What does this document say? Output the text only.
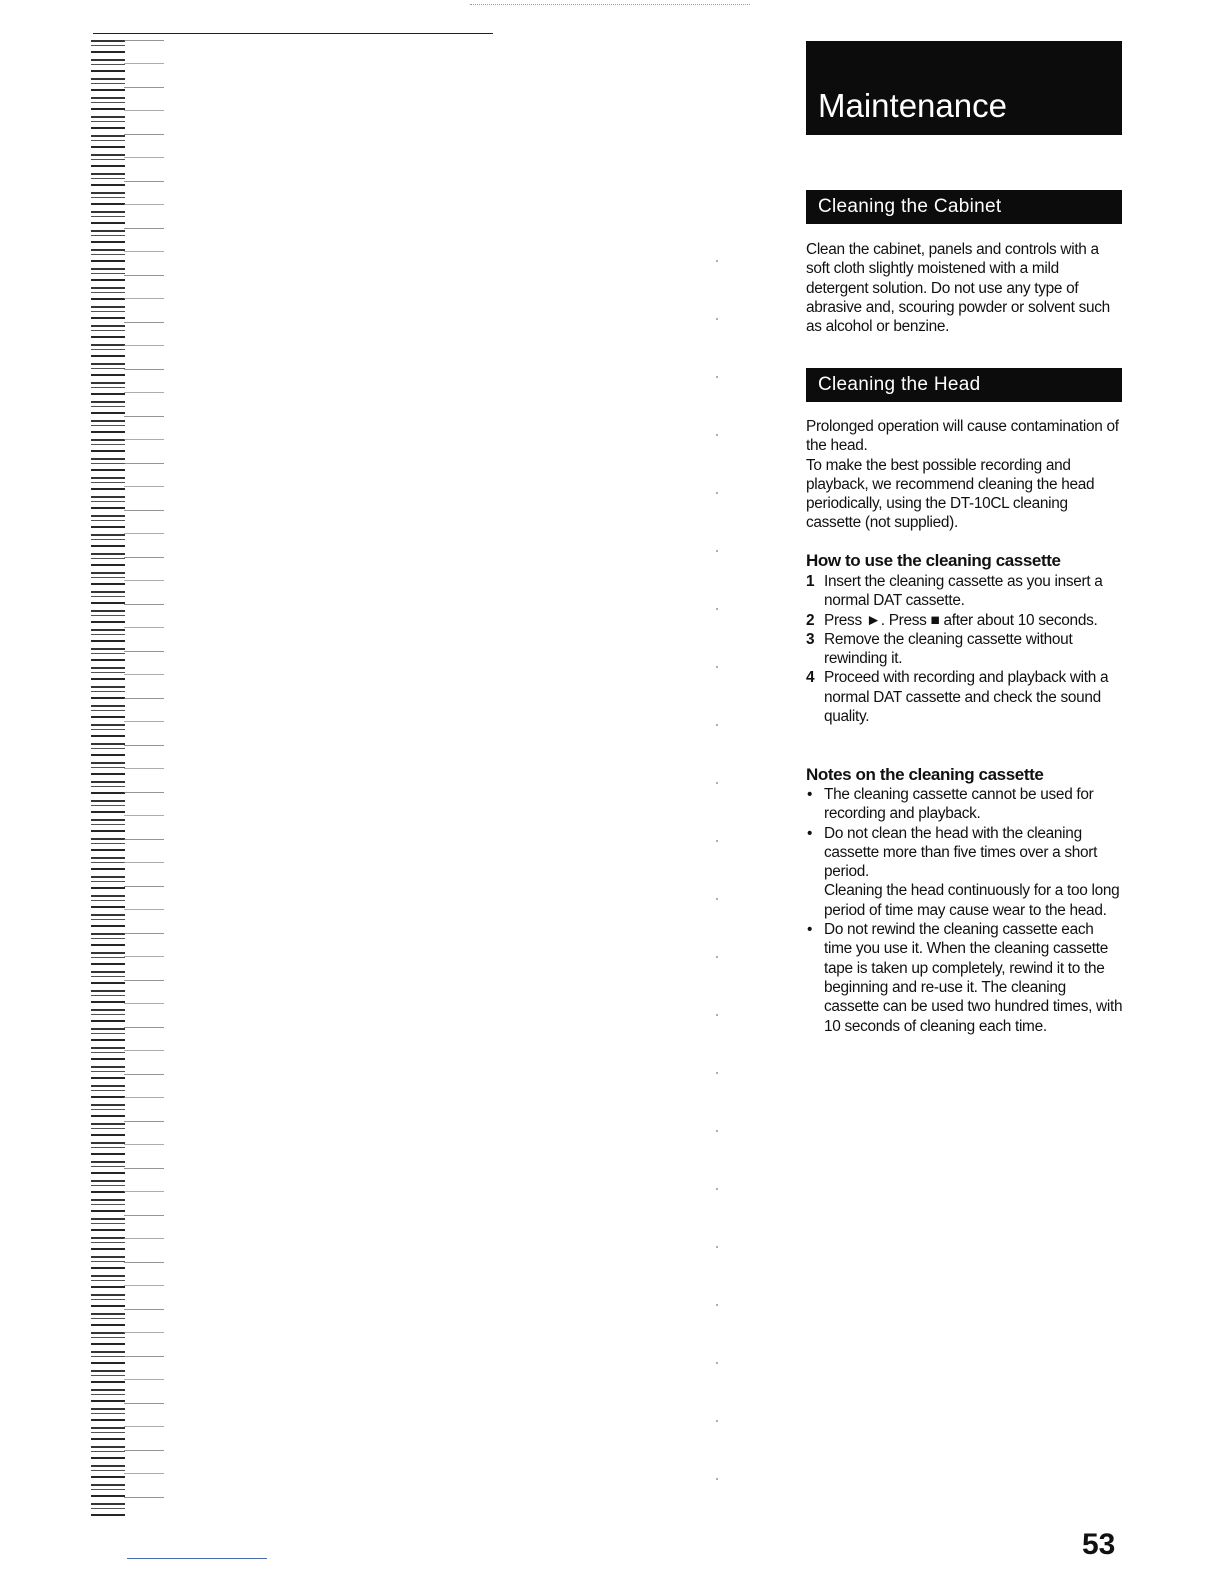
Maintenance
Cleaning the Cabinet

Clean the cabinet, panels and controls with a soft cloth slightly moistened with a mild detergent solution. Do not use any type of abrasive and, scouring powder or solvent such as alcohol or benzine.

Cleaning the Head

Prolonged operation will cause contamination of the head.

To make the best possible recording and playback, we recommend cleaning the head periodically, using the DT-10CL cleaning cassette (not supplied).

How to use the cleaning cassette
1 Insert the cleaning cassette as you insert a normal DAT cassette.
2 Press ►. Press ■ after about 10 seconds.
3 Remove the cleaning cassette without rewinding it.
4 Proceed with recording and playback with a normal DAT cassette and check the sound quality.
Notes on the cleaning cassette
• The cleaning cassette cannot be used for recording and playback.
• Do not clean the head with the cleaning cassette more than five times over a short period.
Cleaning the head continuously for a too long period of time may cause wear to the head.
• Do not rewind the cleaning cassette each time you use it. When the cleaning cassette tape is taken up completely, rewind it to the beginning and re-use it. The cleaning cassette can be used two hundred times, with 10 seconds of cleaning each time.
53
